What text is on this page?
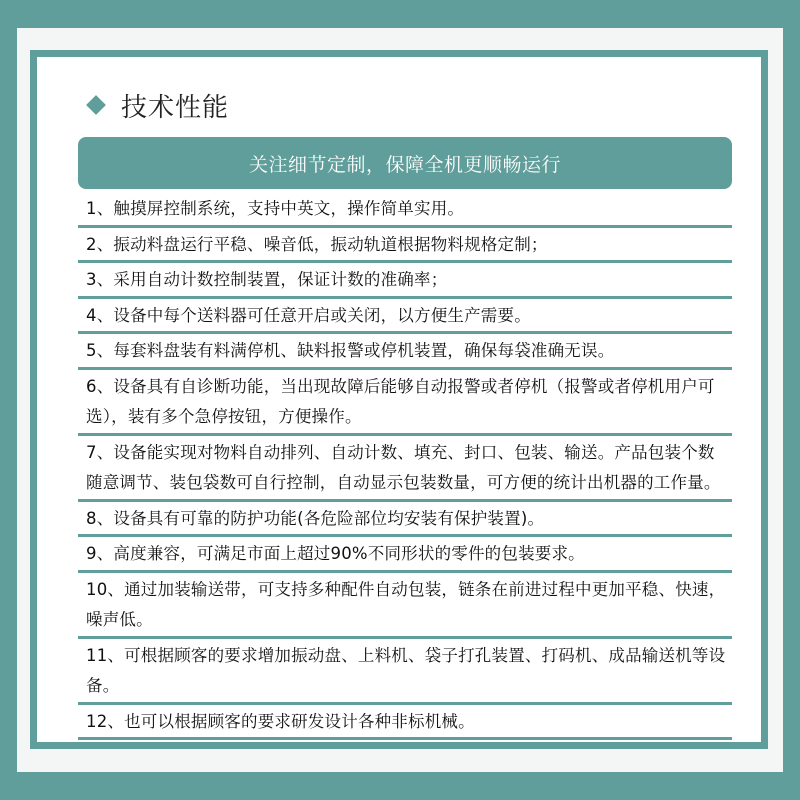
技术性能
关注细节定制，保障全机更顺畅运行
1、触摸屏控制系统，支持中英文，操作简单实用。
2、振动料盘运行平稳、噪音低，振动轨道根据物料规格定制；
3、采用自动计数控制装置，保证计数的准确率；
4、设备中每个送料器可任意开启或关闭，以方便生产需要。
5、每套料盘装有料满停机、缺料报警或停机装置，确保每袋准确无误。
6、设备具有自诊断功能，当出现故障后能够自动报警或者停机（报警或者停机用户可选），装有多个急停按钮，方便操作。
7、设备能实现对物料自动排列、自动计数、填充、封口、包装、输送。产品包装个数随意调节、装包袋数可自行控制，自动显示包装数量，可方便的统计出机器的工作量。
8、设备具有可靠的防护功能(各危险部位均安装有保护装置)。
9、高度兼容，可满足市面上超过90%不同形状的零件的包装要求。
10、通过加装输送带，可支持多种配件自动包装，链条在前进过程中更加平稳、快速，噪声低。
11、可根据顾客的要求增加振动盘、上料机、袋子打孔装置、打码机、成品输送机等设备。
12、也可以根据顾客的要求研发设计各种非标机械。
